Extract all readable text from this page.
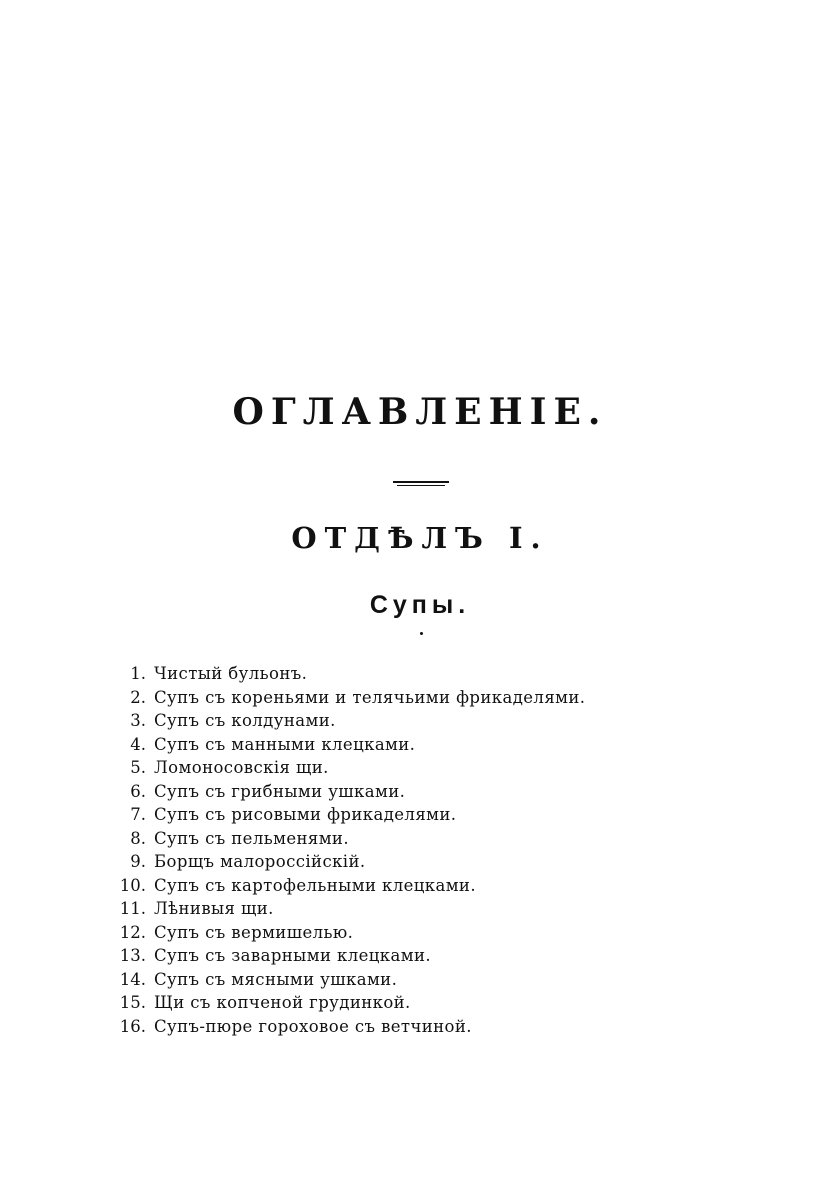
ОГЛАВЛЕНІЕ.
ОТДѢЛЪ I.
Супы.
1. Чистый бульонъ.
2. Супъ съ кореньями и телячьими фрикаделями.
3. Супъ съ колдунами.
4. Супъ съ манными клецками.
5. Ломоносовскія щи.
6. Супъ съ грибными ушками.
7. Супъ съ рисовыми фрикаделями.
8. Супъ съ пельменями.
9. Борщъ малороссійскій.
10. Супъ съ картофельными клецками.
11. Лѣнивыя щи.
12. Супъ съ вермишелью.
13. Супъ съ заварными клецками.
14. Супъ съ мясными ушками.
15. Щи съ копченой грудинкой.
16. Супъ-пюре гороховое съ ветчиной.
